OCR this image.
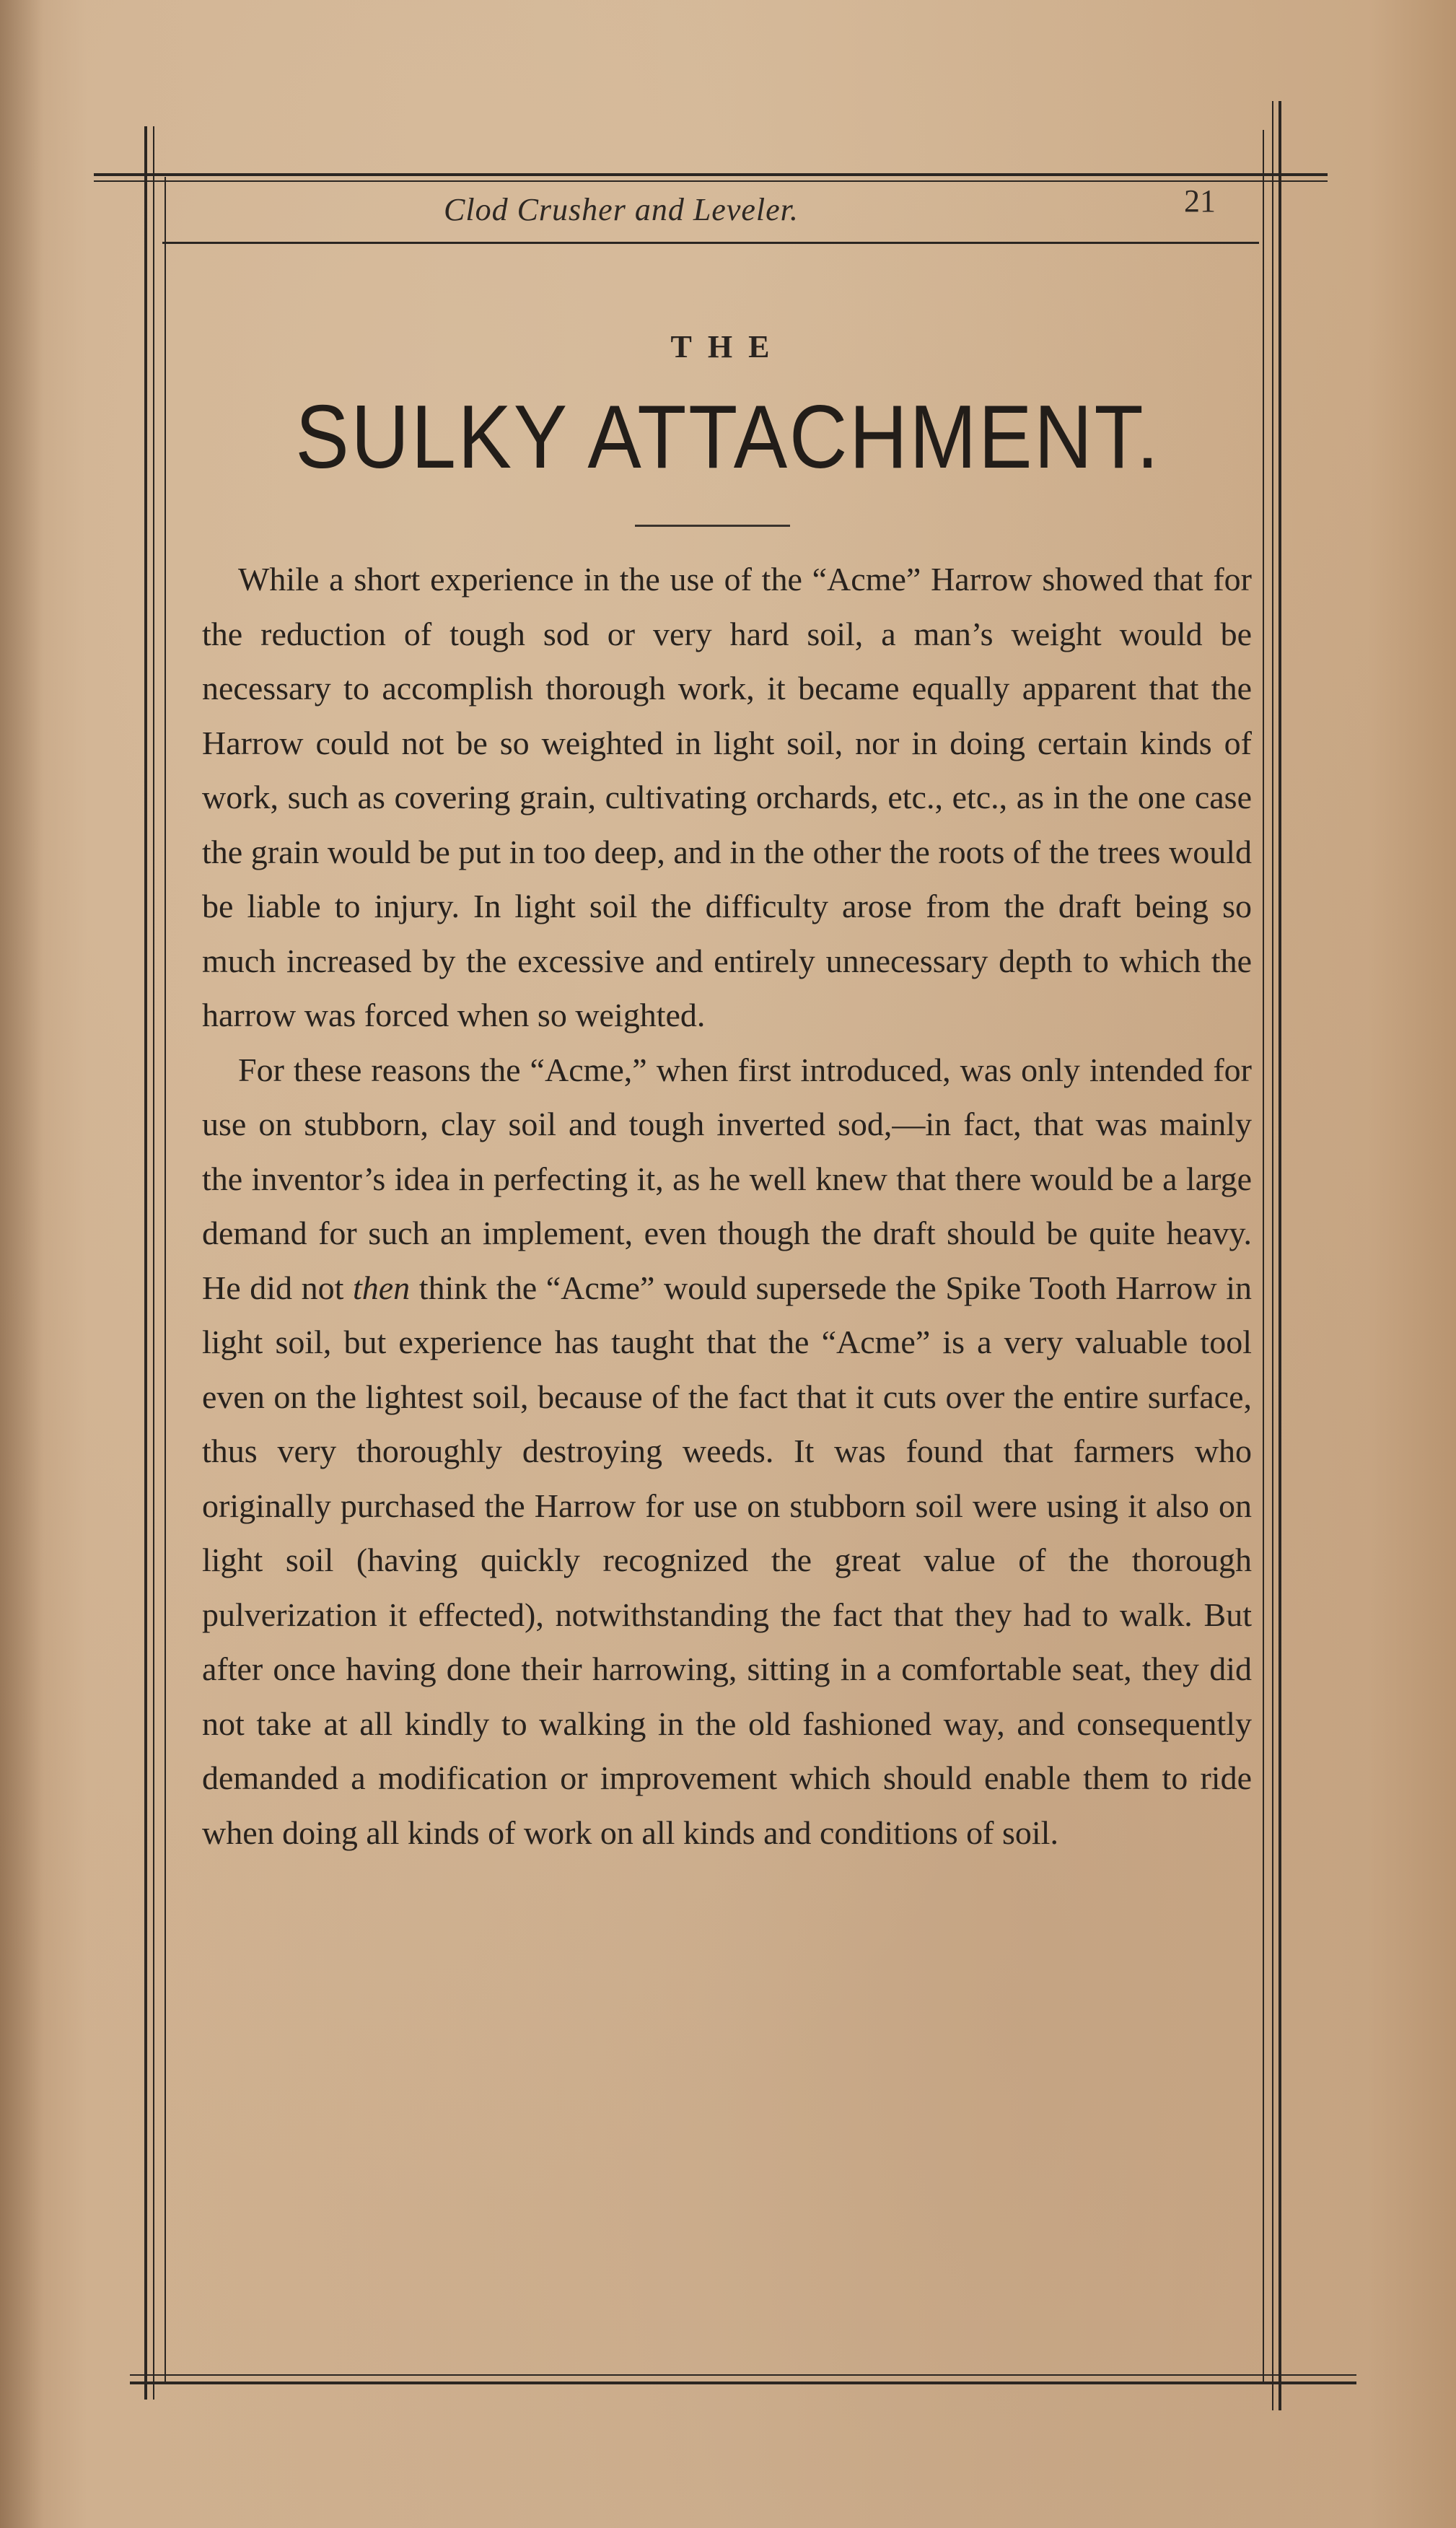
Clod Crusher and Leveler.	21
THE
SULKY ATTACHMENT.

While a short experience in the use of the “Acme” Harrow showed that for the reduction of tough sod or very hard soil, a man’s weight would be necessary to accomplish thorough work, it became equally apparent that the Harrow could not be so weighted in light soil, nor in doing certain kinds of work, such as covering grain, cultivating orchards, etc., etc., as in the one case the grain would be put in too deep, and in the other the roots of the trees would be liable to injury. In light soil the difficulty arose from the draft being so much increased by the excessive and entirely unnecessary depth to which the harrow was forced when so weighted.

For these reasons the “Acme,” when first introduced, was only intended for use on stubborn, clay soil and tough inverted sod,—in fact, that was mainly the inventor’s idea in perfecting it, as he well knew that there would be a large demand for such an implement, even though the draft should be quite heavy. He did not then think the “Acme” would supersede the Spike Tooth Harrow in light soil, but experience has taught that the “Acme” is a very valuable tool even on the lightest soil, because of the fact that it cuts over the entire surface, thus very thoroughly destroying weeds. It was found that farmers who originally purchased the Harrow for use on stubborn soil were using it also on light soil (having quickly recognized the great value of the thorough pulverization it effected), notwithstanding the fact that they had to walk. But after once having done their harrowing, sitting in a comfortable seat, they did not take at all kindly to walking in the old fashioned way, and consequently demanded a modification or improvement which should enable them to ride when doing all kinds of work on all kinds and conditions of soil.
